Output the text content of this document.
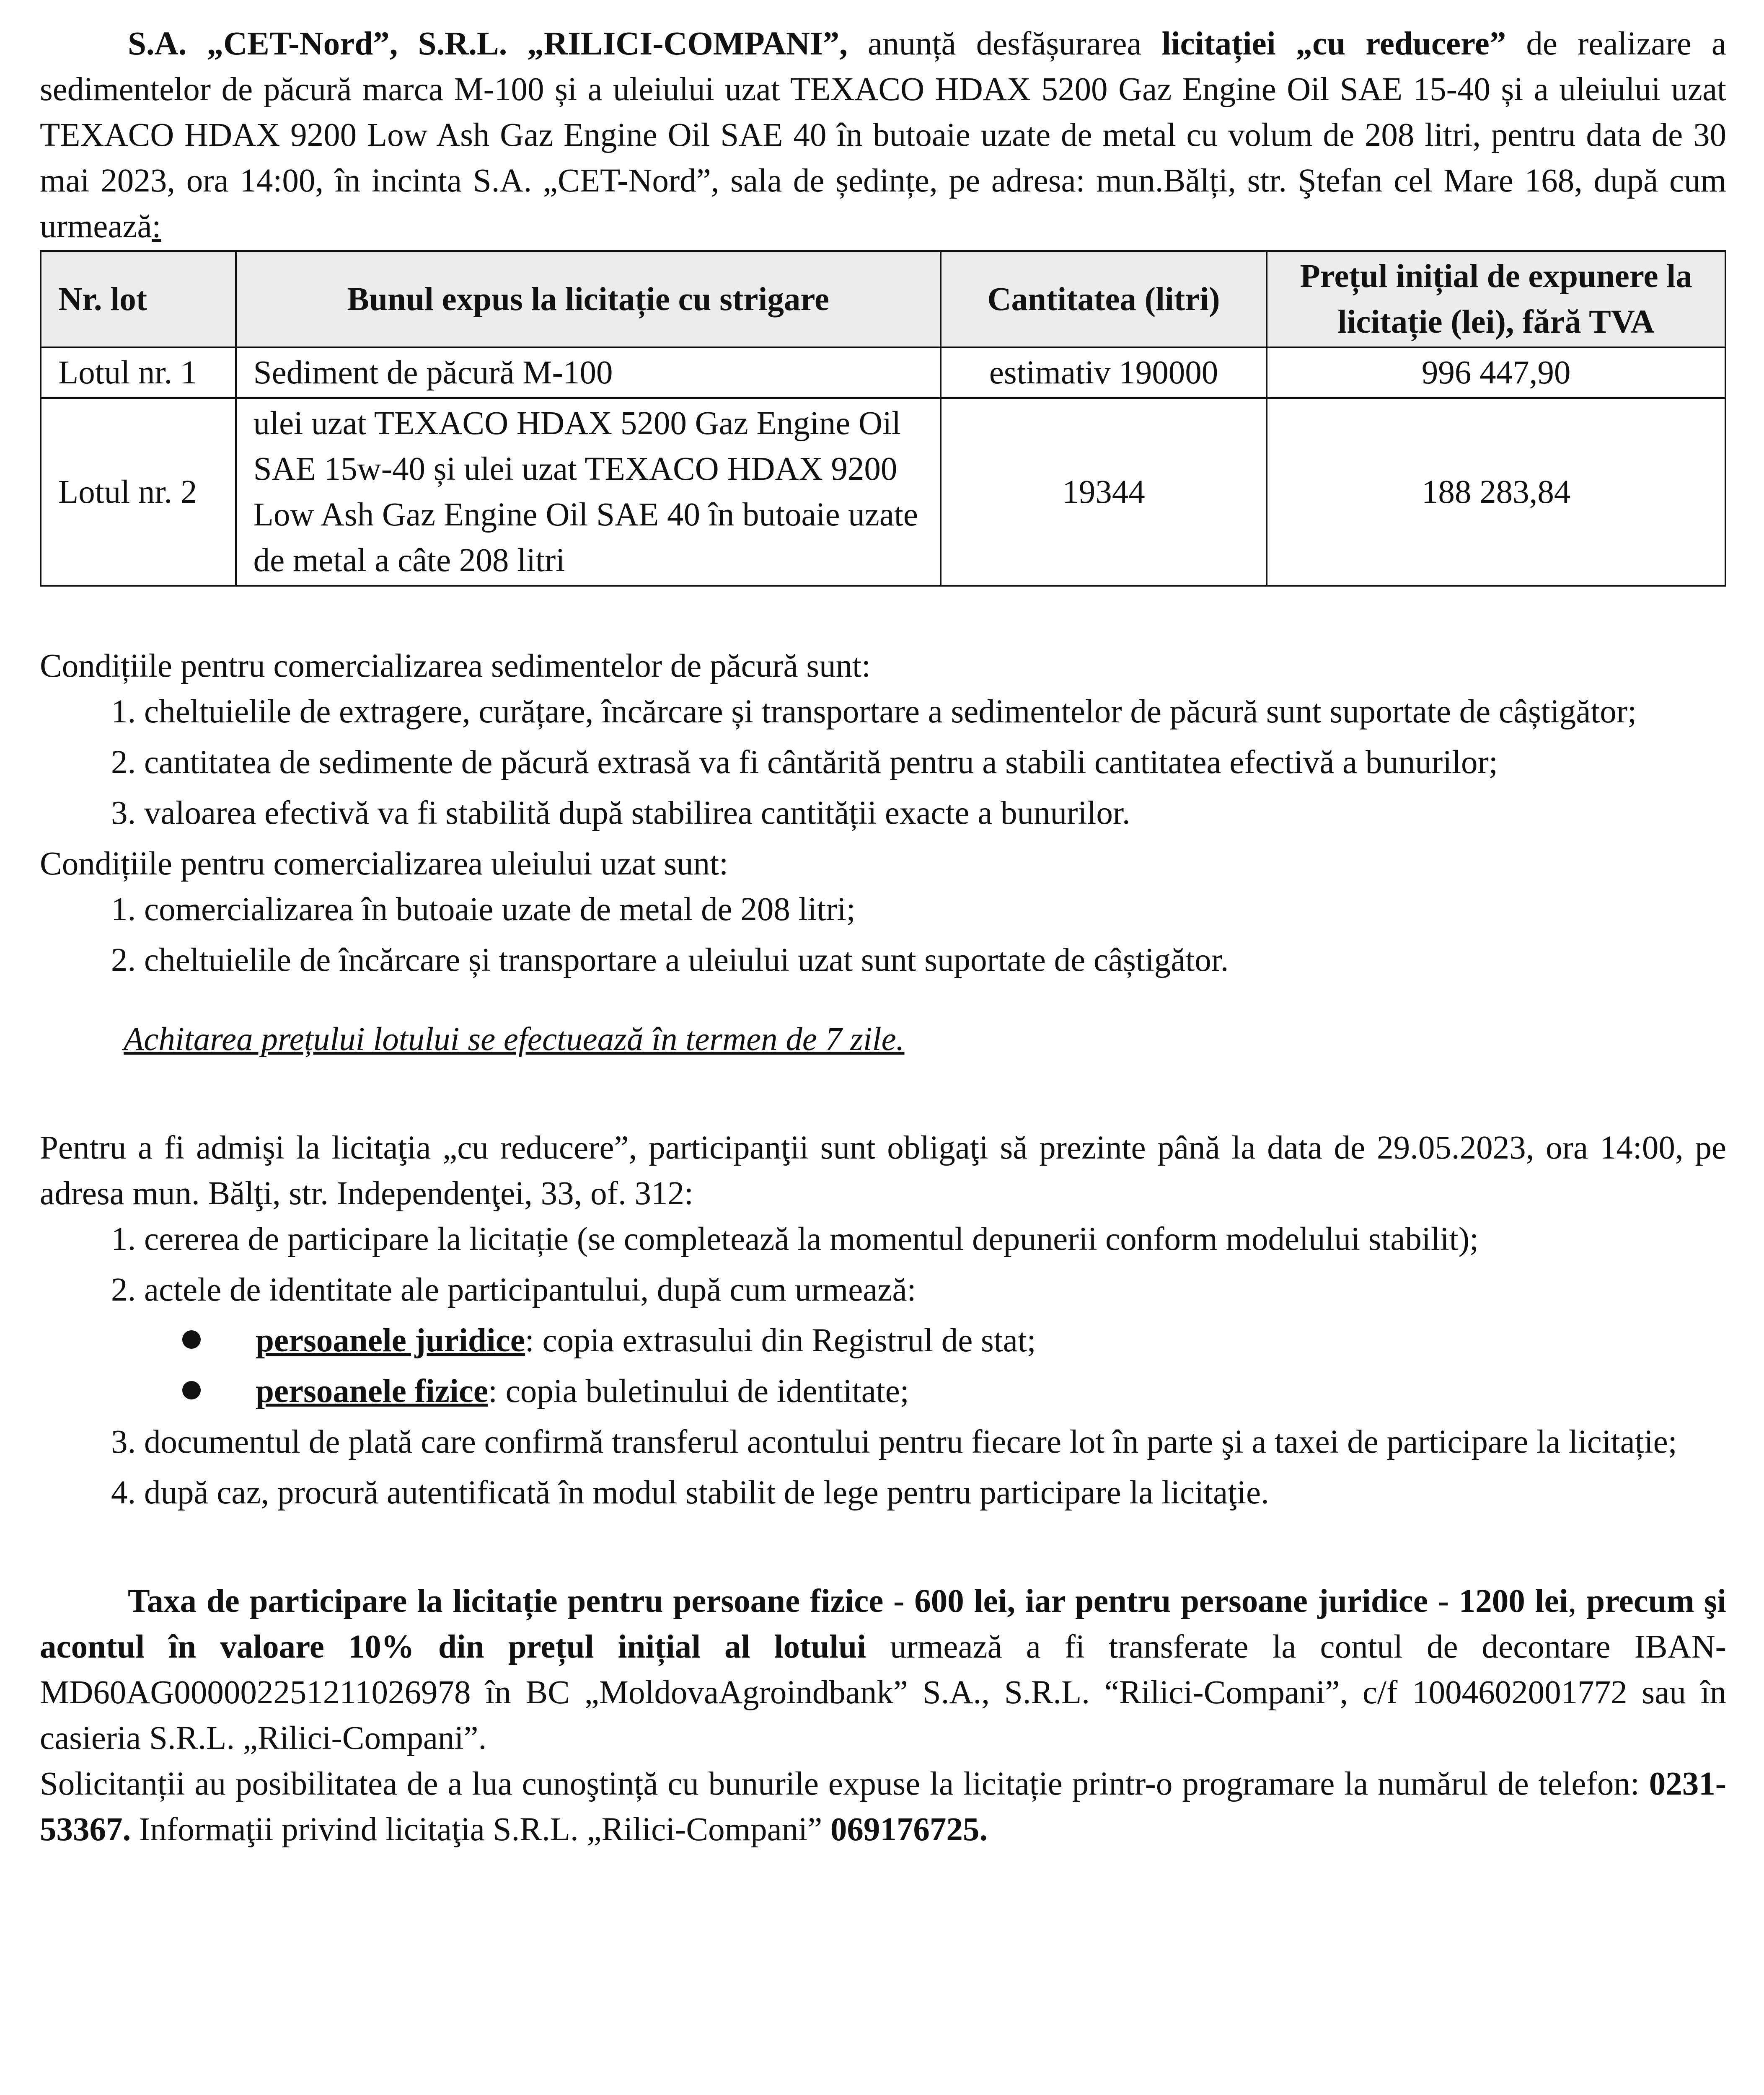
S.A. „CET-Nord”, S.R.L. „RILICI-COMPANI”, anunță desfășurarea licitației „cu reducere” de realizare a sedimentelor de păcură marca M-100 și a uleiului uzat TEXACO HDAX 5200 Gaz Engine Oil SAE 15-40 și a uleiului uzat TEXACO HDAX 9200 Low Ash Gaz Engine Oil SAE 40 în butoaie uzate de metal cu volum de 208 litri, pentru data de 30 mai 2023, ora 14:00, în incinta S.A. „CET-Nord”, sala de ședințe, pe adresa: mun.Bălți, str. Ştefan cel Mare 168, după cum urmează:

Nr. lot	Bunul expus la licitație cu strigare	Cantitatea (litri)	Prețul inițial de expunere la licitație (lei), fără TVA
Lotul nr. 1	Sediment de păcură M-100	estimativ 190000	996 447,90
Lotul nr. 2	ulei uzat TEXACO HDAX 5200 Gaz Engine Oil SAE 15w-40 și ulei uzat TEXACO HDAX 9200 Low Ash Gaz Engine Oil SAE 40 în butoaie uzate de metal a câte 208 litri	19344	188 283,84

Condițiile pentru comercializarea sedimentelor de păcură sunt:

1. cheltuielile de extragere, curățare, încărcare și transportare a sedimentelor de păcură sunt suportate de câștigător;
2. cantitatea de sedimente de păcură extrasă va fi cântărită pentru a stabili cantitatea efectivă a bunurilor;
3. valoarea efectivă va fi stabilită după stabilirea cantității exacte a bunurilor.

Condițiile pentru comercializarea uleiului uzat sunt:

1. comercializarea în butoaie uzate de metal de 208 litri;
2. cheltuielile de încărcare și transportare a uleiului uzat sunt suportate de câștigător.

Achitarea prețului lotului se efectuează în termen de 7 zile.

Pentru a fi admişi la licitaţia „cu reducere”, participanţii sunt obligaţi să prezinte până la data de 29.05.2023, ora 14:00, pe adresa mun. Bălţi, str. Independenţei, 33, of. 312:

1. cererea de participare la licitație (se completează la momentul depunerii conform modelului stabilit);
2. actele de identitate ale participantului, după cum urmează:
persoanele juridice: copia extrasului din Registrul de stat;
persoanele fizice: copia buletinului de identitate;
3. documentul de plată care confirmă transferul acontului pentru fiecare lot în parte şi a taxei de participare la licitație;
4. după caz, procură autentificată în modul stabilit de lege pentru participare la licitaţie.

Taxa de participare la licitație pentru persoane fizice - 600 lei, iar pentru persoane juridice - 1200 lei, precum şi acontul în valoare 10% din prețul inițial al lotului urmează a fi transferate la contul de decontare IBAN-MD60AG000002251211026978 în BC „MoldovaAgroindbank” S.A., S.R.L. “Rilici-Compani”, c/f 1004602001772 sau în casieria S.R.L. „Rilici-Compani”.

Solicitanții au posibilitatea de a lua cunoştință cu bunurile expuse la licitație printr-o programare la numărul de telefon: 0231-53367. Informaţii privind licitaţia S.R.L. „Rilici-Compani” 069176725.
